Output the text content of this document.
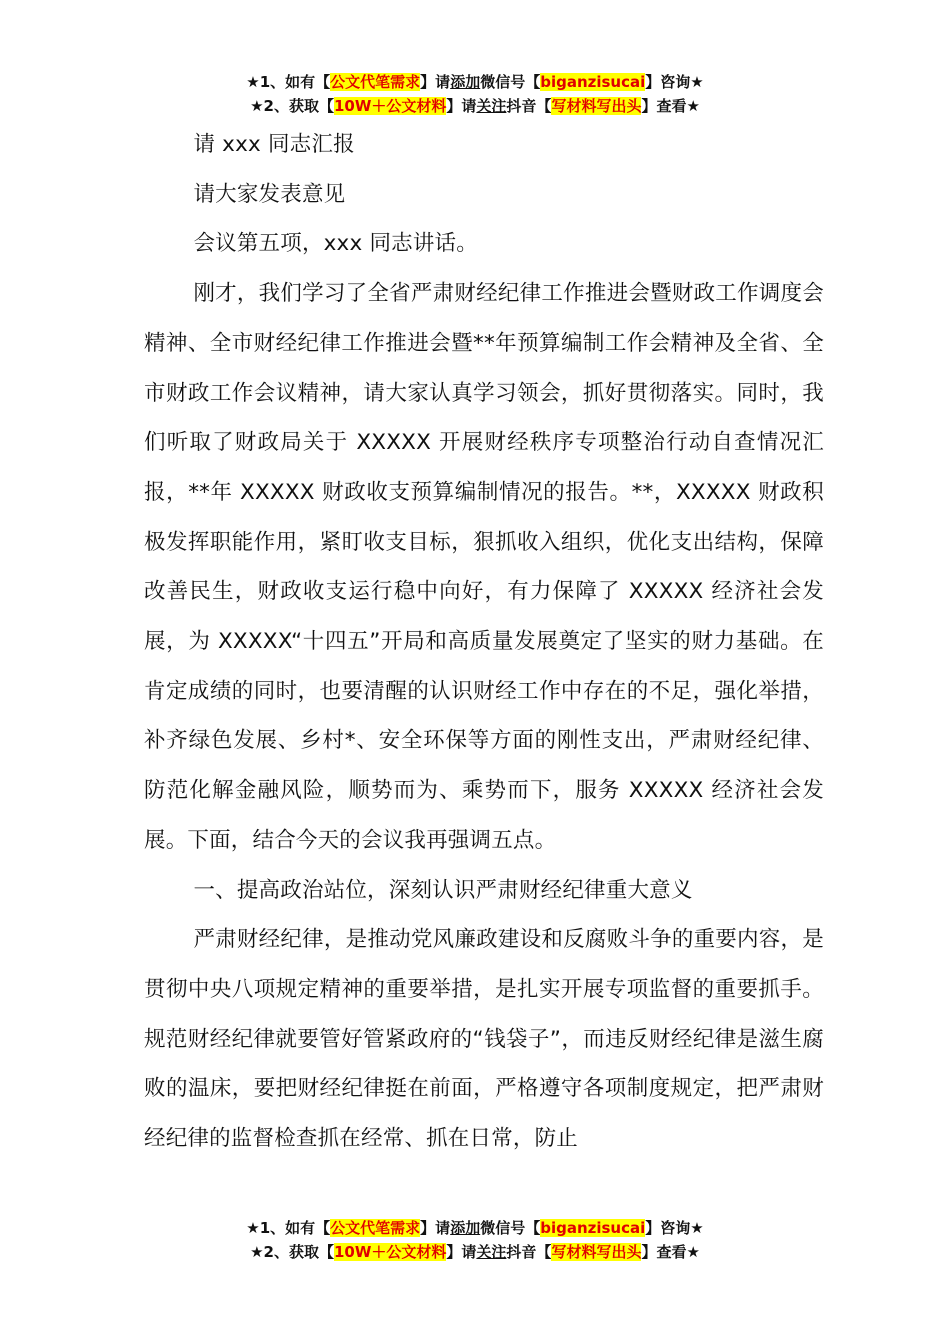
★1、如有【公文代笔需求】请添加微信号【biganzisucai】咨询★
★2、获取【10W＋公文材料】请关注抖音【写材料写出头】查看★

请 xxx 同志汇报

请大家发表意见

会议第五项，xxx 同志讲话。

刚才，我们学习了全省严肃财经纪律工作推进会暨财政工作调度会精神、全市财经纪律工作推进会暨**年预算编制工作会精神及全省、全市财政工作会议精神，请大家认真学习领会，抓好贯彻落实。同时，我们听取了财政局关于 XXXXX 开展财经秩序专项整治行动自查情况汇报，**年 XXXXX 财政收支预算编制情况的报告。**，XXXXX 财政积极发挥职能作用，紧盯收支目标，狠抓收入组织，优化支出结构，保障改善民生，财政收支运行稳中向好，有力保障了 XXXXX 经济社会发展，为 XXXXX“十四五”开局和高质量发展奠定了坚实的财力基础。在肯定成绩的同时，也要清醒的认识财经工作中存在的不足，强化举措，补齐绿色发展、乡村*、安全环保等方面的刚性支出，严肃财经纪律、防范化解金融风险，顺势而为、乘势而下，服务 XXXXX 经济社会发展。下面，结合今天的会议我再强调五点。

一、提高政治站位，深刻认识严肃财经纪律重大意义

严肃财经纪律，是推动党风廉政建设和反腐败斗争的重要内容，是贯彻中央八项规定精神的重要举措，是扎实开展专项监督的重要抓手。规范财经纪律就要管好管紧政府的“钱袋子”，而违反财经纪律是滋生腐败的温床，要把财经纪律挺在前面，严格遵守各项制度规定，把严肃财经纪律的监督检查抓在经常、抓在日常，防止

★1、如有【公文代笔需求】请添加微信号【biganzisucai】咨询★
★2、获取【10W＋公文材料】请关注抖音【写材料写出头】查看★
